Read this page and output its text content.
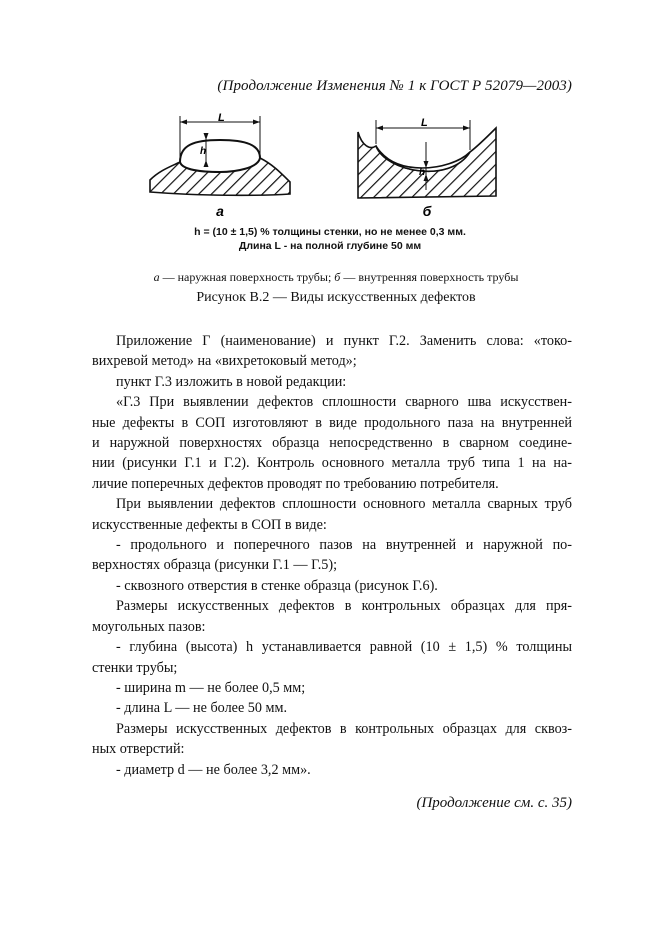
(Продолжение Изменения № 1 к ГОСТ Р 52079—2003)
L
h
а
L
h
б
h = (10 ± 1,5) % толщины стенки, но не менее 0,3 мм.
Длина L - на полной глубине 50 мм
а — наружная поверхность трубы; б — внутренняя поверхность трубы
Рисунок В.2 — Виды искусственных дефектов

Приложение Г (наименование) и пункт Г.2. Заменить слова: «токо-

вихревой метод» на «вихретоковый метод»;

пункт Г.3 изложить в новой редакции:

«Г.3 При выявлении дефектов сплошности сварного шва искусствен-

ные дефекты в СОП изготовляют в виде продольного паза на внутренней

и наружной поверхностях образца непосредственно в сварном соедине-

нии (рисунки Г.1 и Г.2). Контроль основного металла труб типа 1 на на-

личие поперечных дефектов проводят по требованию потребителя.

При выявлении дефектов сплошности основного металла сварных труб

искусственные дефекты в СОП в виде:

- продольного и поперечного пазов на внутренней и наружной по-

верхностях образца (рисунки Г.1 — Г.5);

- сквозного отверстия в стенке образца (рисунок Г.6).

Размеры искусственных дефектов в контрольных образцах для пря-

моугольных пазов:

- глубина (высота) h устанавливается равной (10 ± 1,5) % толщины

стенки трубы;

- ширина m — не более 0,5 мм;

- длина L — не более 50 мм.

Размеры искусственных дефектов в контрольных образцах для сквоз-

ных отверстий:

- диаметр d — не более 3,2 мм».

(Продолжение см. с. 35)
